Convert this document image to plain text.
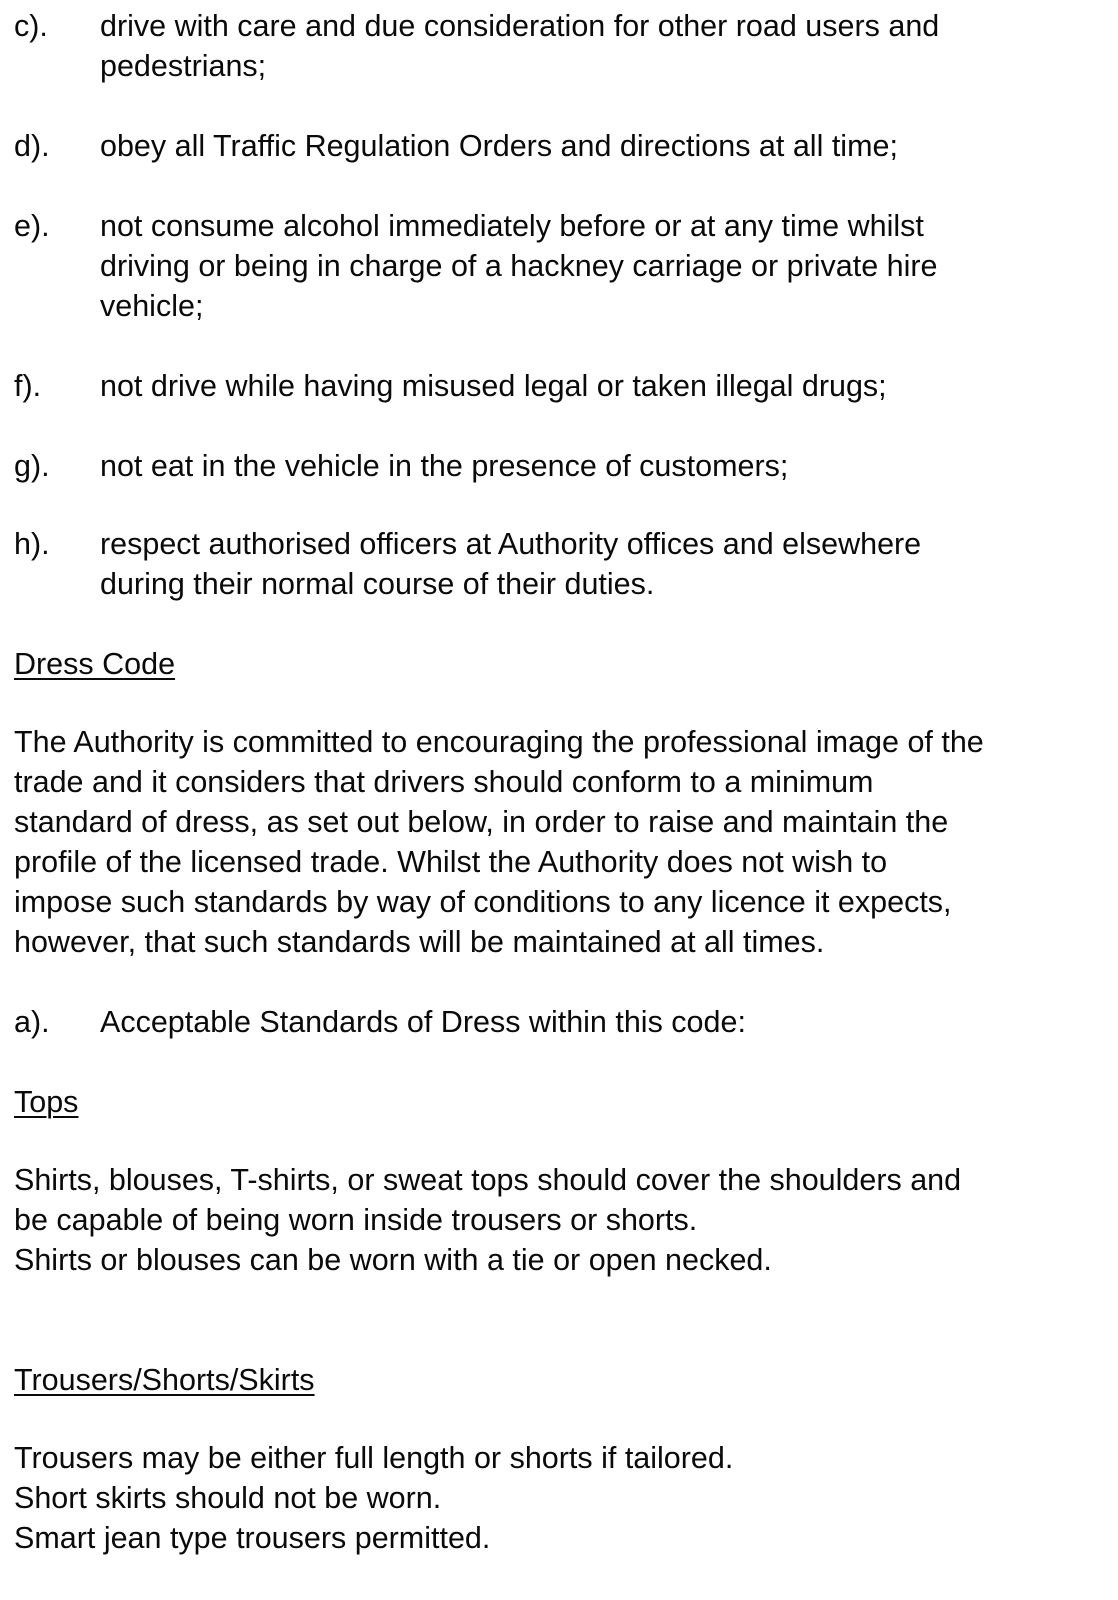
c). drive with care and due consideration for other road users and
pedestrians;
d). obey all Traffic Regulation Orders and directions at all time;
e). not consume alcohol immediately before or at any time whilst
driving or being in charge of a hackney carriage or private hire
vehicle;
f). not drive while having misused legal or taken illegal drugs;
g). not eat in the vehicle in the presence of customers;
h). respect authorised officers at Authority offices and elsewhere
during their normal course of their duties.
Dress Code
The Authority is committed to encouraging the professional image of the
trade and it considers that drivers should conform to a minimum
standard of dress, as set out below, in order to raise and maintain the
profile of the licensed trade. Whilst the Authority does not wish to
impose such standards by way of conditions to any licence it expects,
however, that such standards will be maintained at all times.
a). Acceptable Standards of Dress within this code:
Tops
Shirts, blouses, T-shirts, or sweat tops should cover the shoulders and
be capable of being worn inside trousers or shorts.
Shirts or blouses can be worn with a tie or open necked.
Trousers/Shorts/Skirts
Trousers may be either full length or shorts if tailored.
Short skirts should not be worn.
Smart jean type trousers permitted.
